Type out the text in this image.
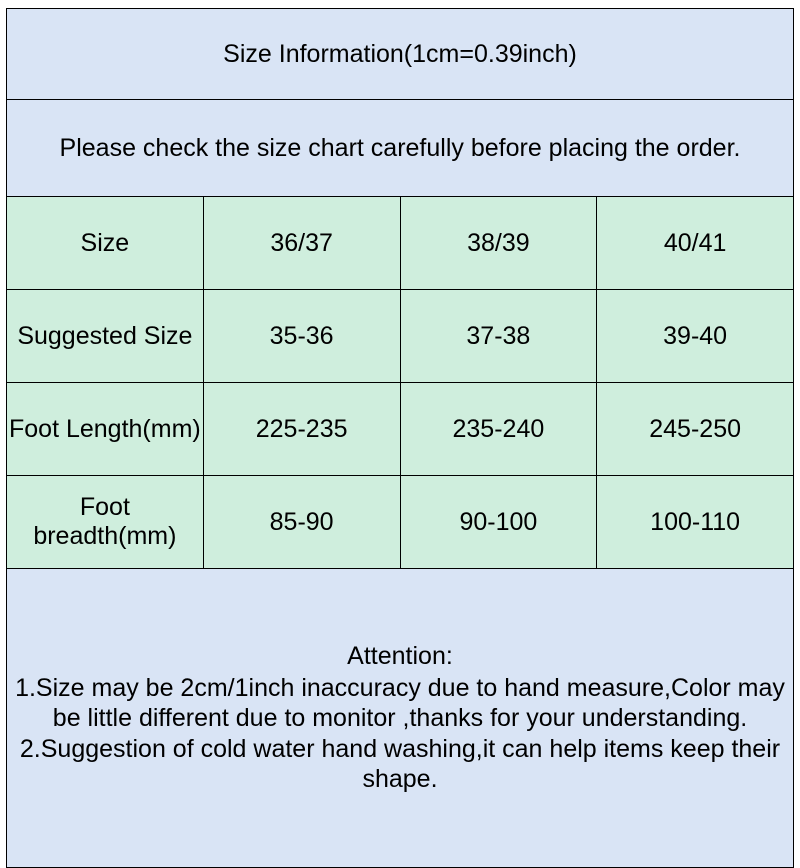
Size Information(1cm=0.39inch)			
Please check the size chart carefully before placing the order.			
Size	36/37	38/39	40/41
Suggested Size	35-36	37-38	39-40
Foot Length(mm)	225-235	235-240	245-250
Foot breadth(mm)	85-90	90-100	100-110

Attention:
1.Size may be 2cm/1inch inaccuracy due to hand measure,Color may be little different due to monitor ,thanks for your understanding.
2.Suggestion of cold water hand washing,it can help items keep their shape.			
